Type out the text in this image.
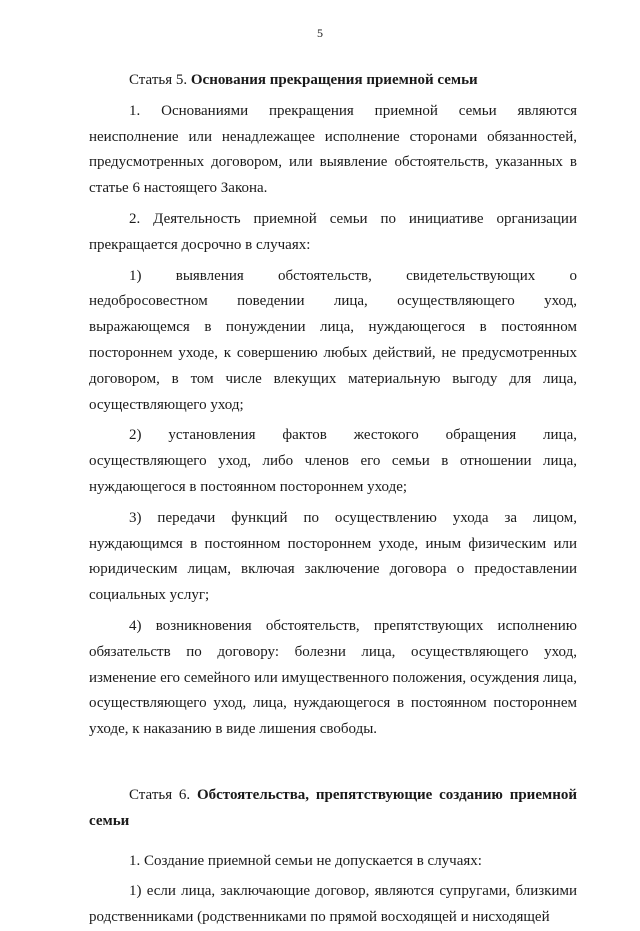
5

Статья 5. Основания прекращения приемной семьи

1. Основаниями прекращения приемной семьи являются неисполнение или ненадлежащее исполнение сторонами обязанностей, предусмотренных договором, или выявление обстоятельств, указанных в статье 6 настоящего Закона.

2. Деятельность приемной семьи по инициативе организации прекращается досрочно в случаях:

1) выявления обстоятельств, свидетельствующих о недобросовестном поведении лица, осуществляющего уход, выражающемся в понуждении лица, нуждающегося в постоянном постороннем уходе, к совершению любых действий, не предусмотренных договором, в том числе влекущих материальную выгоду для лица, осуществляющего уход;

2) установления фактов жестокого обращения лица, осуществляющего уход, либо членов его семьи в отношении лица, нуждающегося в постоянном постороннем уходе;

3) передачи функций по осуществлению ухода за лицом, нуждающимся в постоянном постороннем уходе, иным физическим или юридическим лицам, включая заключение договора о предоставлении социальных услуг;

4) возникновения обстоятельств, препятствующих исполнению обязательств по договору: болезни лица, осуществляющего уход, изменение его семейного или имущественного положения, осуждения лица, осуществляющего уход, лица, нуждающегося в постоянном постороннем уходе, к наказанию в виде лишения свободы.

Статья 6. Обстоятельства, препятствующие созданию приемной семьи

1. Создание приемной семьи не допускается в случаях:

1) если лица, заключающие договор, являются супругами, близкими родственниками (родственниками по прямой восходящей и нисходящей
